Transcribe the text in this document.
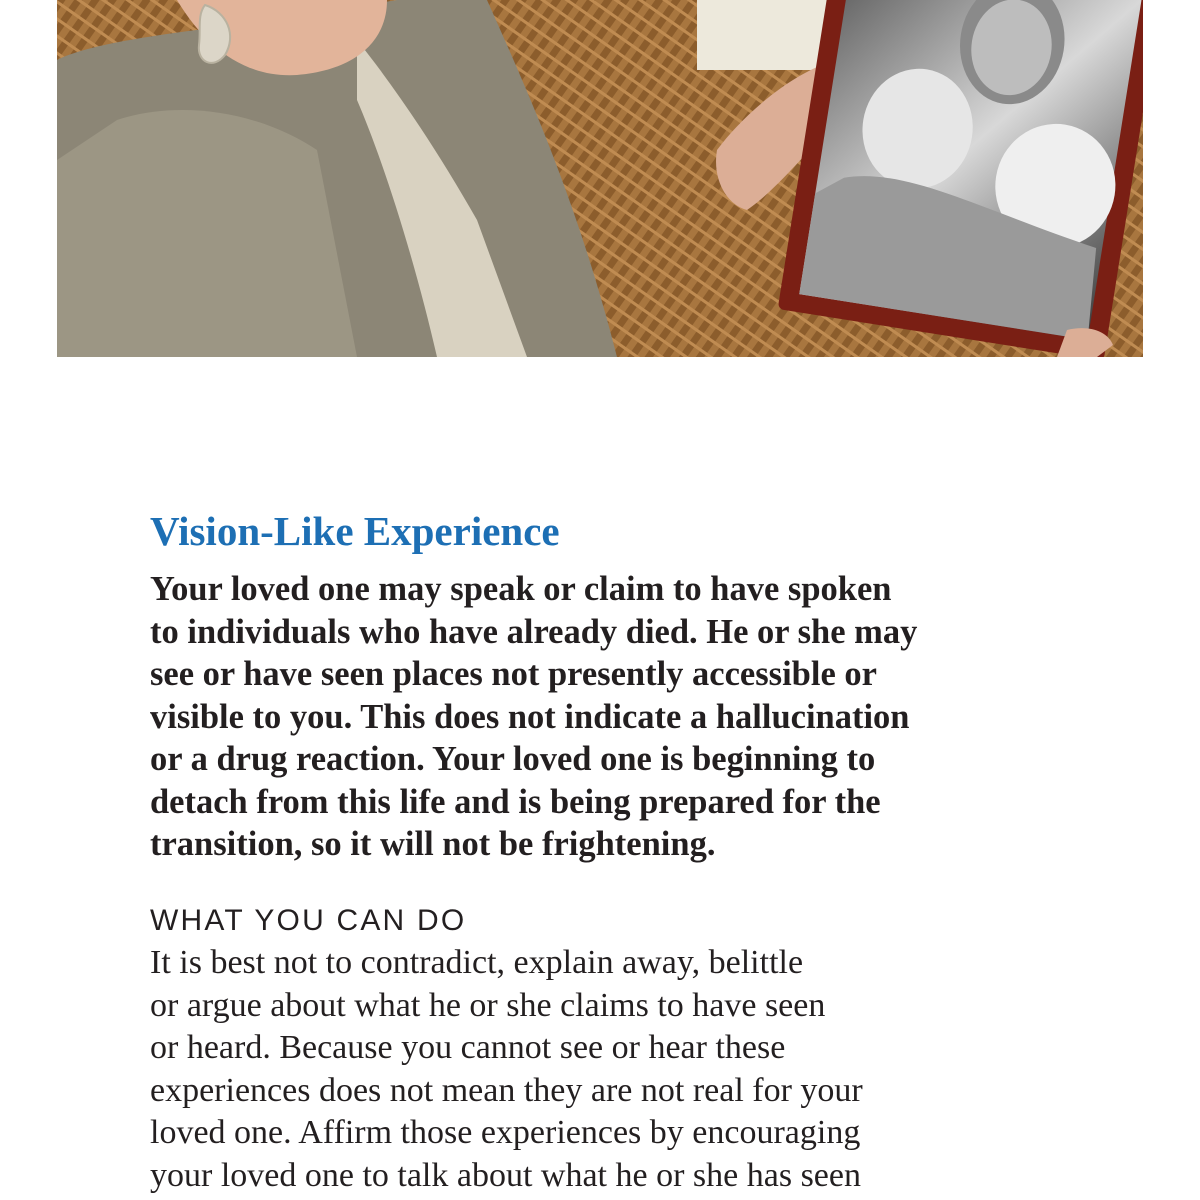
Vision-Like Experience

Your loved one may speak or claim to have spoken
to individuals who have already died. He or she may
see or have seen places not presently accessible or
visible to you. This does not indicate a hallucination
or a drug reaction. Your loved one is beginning to
detach from this life and is being prepared for the
transition, so it will not be frightening.

WHAT YOU CAN DO

It is best not to contradict, explain away, belittle
or argue about what he or she claims to have seen
or heard. Because you cannot see or hear these
experiences does not mean they are not real for your
loved one. Affirm those experiences by encouraging
your loved one to talk about what he or she has seen
